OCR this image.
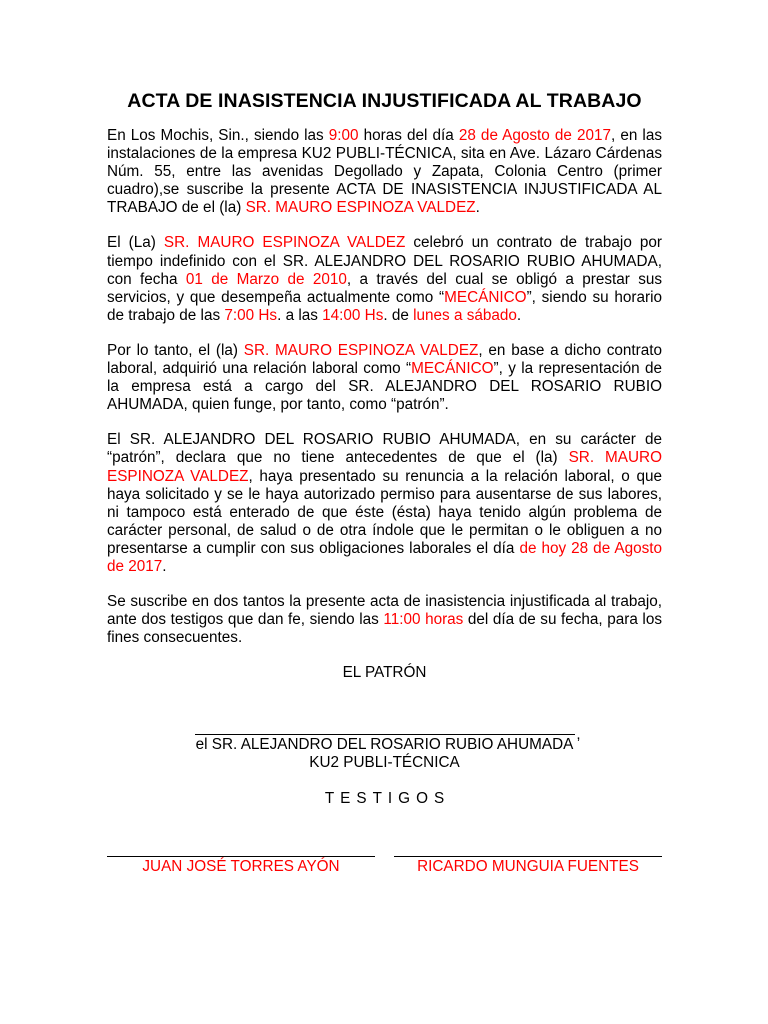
ACTA DE INASISTENCIA INJUSTIFICADA AL TRABAJO

En Los Mochis, Sin., siendo las 9:00 horas del día 28 de Agosto de 2017, en las instalaciones de la empresa KU2 PUBLI-TÉCNICA, sita en Ave. Lázaro Cárdenas Núm. 55, entre las avenidas Degollado y Zapata, Colonia Centro (primer cuadro),se suscribe la presente ACTA DE INASISTENCIA INJUSTIFICADA AL TRABAJO de el (la) SR. MAURO ESPINOZA VALDEZ.

El (La) SR. MAURO ESPINOZA VALDEZ celebró un contrato de trabajo por tiempo indefinido con el SR. ALEJANDRO DEL ROSARIO RUBIO AHUMADA, con fecha 01 de Marzo de 2010, a través del cual se obligó a prestar sus servicios, y que desempeña actualmente como “MECÁNICO”, siendo su horario de trabajo de las 7:00 Hs. a las 14:00 Hs. de lunes a sábado.

Por lo tanto, el (la) SR. MAURO ESPINOZA VALDEZ, en base a dicho contrato laboral, adquirió una relación laboral como “MECÁNICO”, y la representación de la empresa está a cargo del SR. ALEJANDRO DEL ROSARIO RUBIO AHUMADA, quien funge, por tanto, como “patrón”.

El SR. ALEJANDRO DEL ROSARIO RUBIO AHUMADA, en su carácter de “patrón”, declara que no tiene antecedentes de que el (la) SR. MAURO ESPINOZA VALDEZ, haya presentado su renuncia a la relación laboral, o que haya solicitado y se le haya autorizado permiso para ausentarse de sus labores, ni tampoco está enterado de que éste (ésta) haya tenido algún problema de carácter personal, de salud o de otra índole que le permitan o le obliguen a no presentarse a cumplir con sus obligaciones laborales el día de hoy 28 de Agosto de 2017.

Se suscribe en dos tantos la presente acta de inasistencia injustificada al trabajo, ante dos testigos que dan fe, siendo las 11:00 horas del día de su fecha, para los fines consecuentes.

EL PATRÓN
,
el SR. ALEJANDRO DEL ROSARIO RUBIO AHUMADA
KU2 PUBLI-TÉCNICA
TESTIGOS
JUAN JOSÉ TORRES AYÓN	RICARDO MUNGUIA FUENTES
